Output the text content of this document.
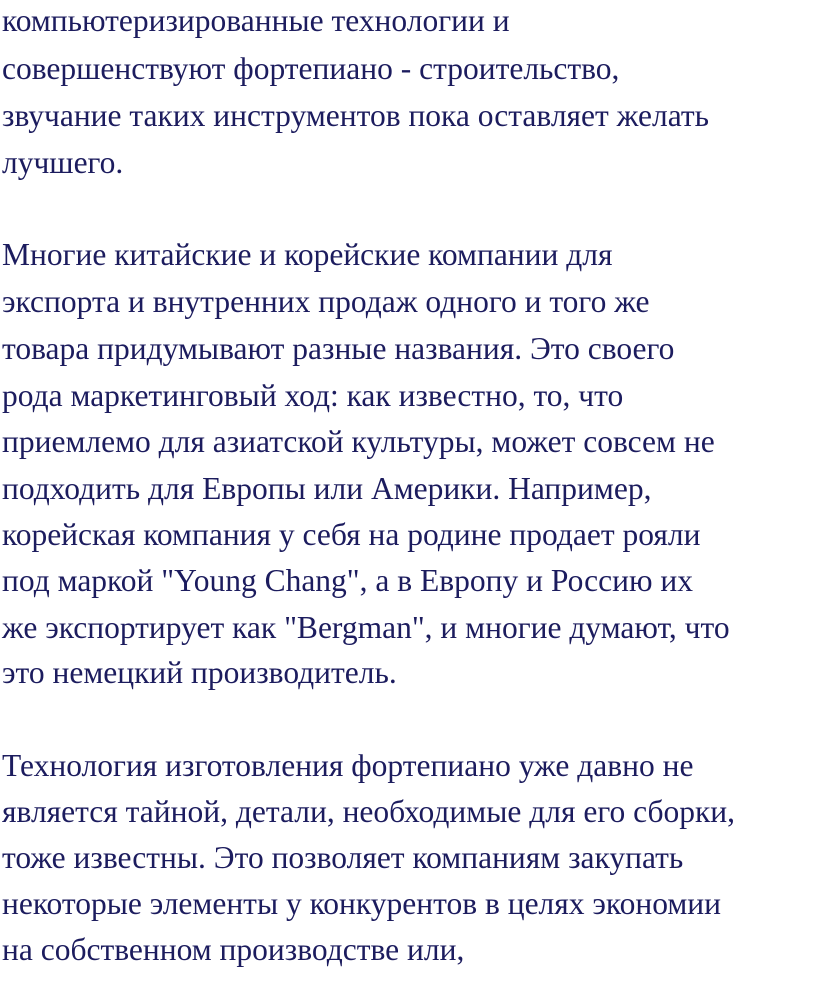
компьютеризированные технологии и

совершенствуют фортепиано - строительство,

звучание таких инструментов пока оставляет желать

лучшего.

Многие китайские и корейские компании для

экспорта и внутренних продаж одного и того же

товара придумывают разные названия. Это своего

рода маркетинговый ход: как известно, то, что

приемлемо для азиатской культуры, может совсем не

подходить для Европы или Америки. Например,

корейская компания у себя на родине продает рояли

под маркой "Young Chang", а в Европу и Россию их

же экспортирует как "Bergman", и многие думают, что

это немецкий производитель.

Технология изготовления фортепиано уже давно не

является тайной, детали, необходимые для его сборки,

тоже известны. Это позволяет компаниям закупать

некоторые элементы у конкурентов в целях экономии

на собственном производстве или,
